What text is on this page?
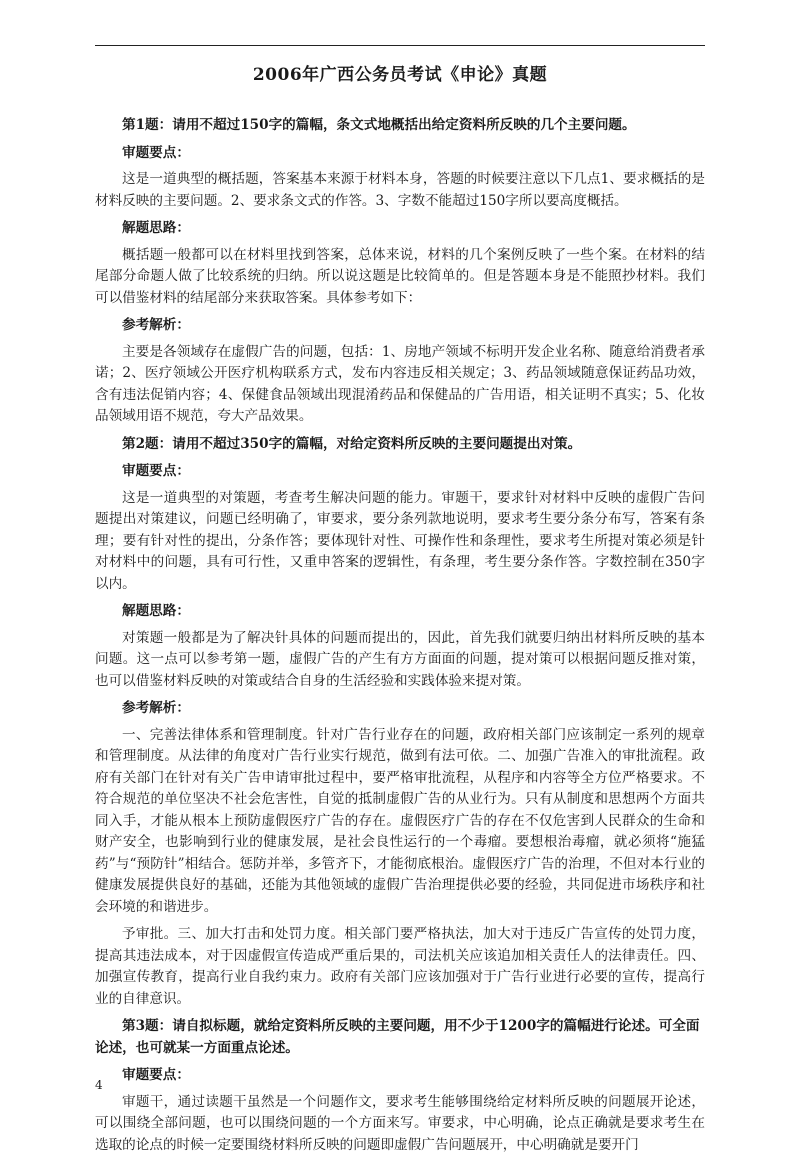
2006年广西公务员考试《申论》真题

第1题：请用不超过150字的篇幅，条文式地概括出给定资料所反映的几个主要问题。

审题要点：

这是一道典型的概括题，答案基本来源于材料本身，答题的时候要注意以下几点1、要求概括的是材料反映的主要问题。2、要求条文式的作答。3、字数不能超过150字所以要高度概括。

解题思路：

概括题一般都可以在材料里找到答案，总体来说，材料的几个案例反映了一些个案。在材料的结尾部分命题人做了比较系统的归纳。所以说这题是比较简单的。但是答题本身是不能照抄材料。我们可以借鉴材料的结尾部分来获取答案。具体参考如下：

参考解析：

主要是各领域存在虚假广告的问题，包括：1、房地产领域不标明开发企业名称、随意给消费者承诺；2、医疗领域公开医疗机构联系方式，发布内容违反相关规定；3、药品领域随意保证药品功效，含有违法促销内容；4、保健食品领域出现混淆药品和保健品的广告用语，相关证明不真实；5、化妆品领域用语不规范，夸大产品效果。

第2题：请用不超过350字的篇幅，对给定资料所反映的主要问题提出对策。

审题要点：

这是一道典型的对策题，考查考生解决问题的能力。审题干，要求针对材料中反映的虚假广告问题提出对策建议，问题已经明确了，审要求，要分条列款地说明，要求考生要分条分布写，答案有条理；要有针对性的提出，分条作答；要体现针对性、可操作性和条理性，要求考生所提对策必须是针对材料中的问题，具有可行性，又重申答案的逻辑性，有条理，考生要分条作答。字数控制在350字以内。

解题思路：

对策题一般都是为了解决针具体的问题而提出的，因此，首先我们就要归纳出材料所反映的基本问题。这一点可以参考第一题，虚假广告的产生有方方面面的问题，提对策可以根据问题反推对策，也可以借鉴材料反映的对策或结合自身的生活经验和实践体验来提对策。

参考解析：

一、完善法律体系和管理制度。针对广告行业存在的问题，政府相关部门应该制定一系列的规章和管理制度。从法律的角度对广告行业实行规范，做到有法可依。二、加强广告准入的审批流程。政府有关部门在针对有关广告申请审批过程中，要严格审批流程，从程序和内容等全方位严格要求。不符合规范的单位坚决不社会危害性，自觉的抵制虚假广告的从业行为。只有从制度和思想两个方面共同入手，才能从根本上预防虚假医疗广告的存在。虚假医疗广告的存在不仅危害到人民群众的生命和财产安全，也影响到行业的健康发展，是社会良性运行的一个毒瘤。要想根治毒瘤，就必须将“施猛药”与“预防针”相结合。惩防并举，多管齐下，才能彻底根治。虚假医疗广告的治理，不但对本行业的健康发展提供良好的基础，还能为其他领域的虚假广告治理提供必要的经验，共同促进市场秩序和社会环境的和谐进步。

予审批。三、加大打击和处罚力度。相关部门要严格执法，加大对于违反广告宣传的处罚力度，提高其违法成本，对于因虚假宣传造成严重后果的，司法机关应该追加相关责任人的法律责任。四、加强宣传教育，提高行业自我约束力。政府有关部门应该加强对于广告行业进行必要的宣传，提高行业的自律意识。

第3题：请自拟标题，就给定资料所反映的主要问题，用不少于1200字的篇幅进行论述。可全面论述，也可就某一方面重点论述。

审题要点：

审题干，通过读题干虽然是一个问题作文，要求考生能够围绕给定材料所反映的问题展开论述，可以围绕全部问题，也可以围绕问题的一个方面来写。审要求，中心明确，论点正确就是要求考生在选取的论点的时候一定要围绕材料所反映的问题即虚假广告问题展开，中心明确就是要开门

4
